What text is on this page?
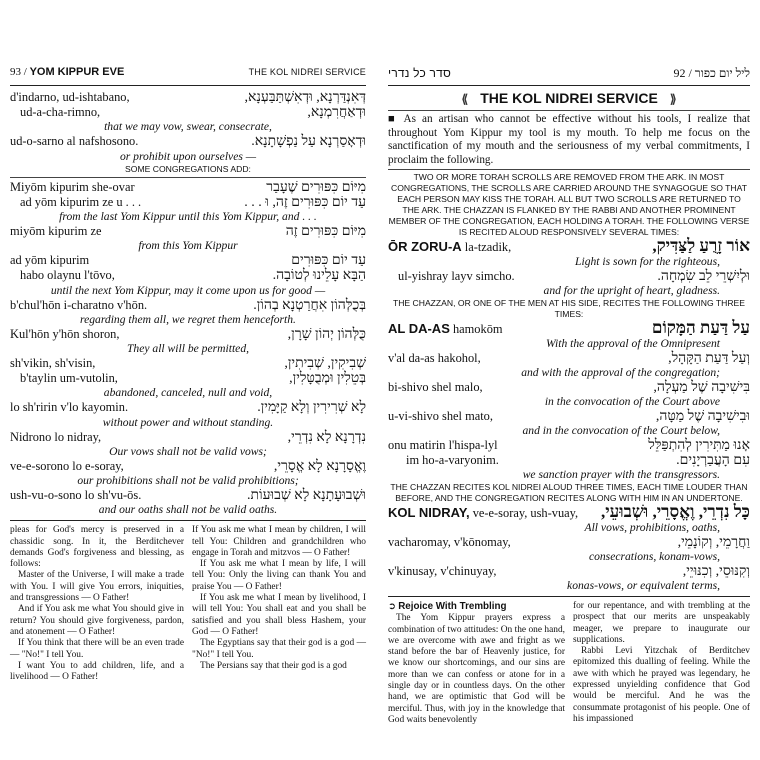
93 / YOM KIPPUR EVE	THE KOL NIDREI SERVICE
d'indarno, ud-ishtabano,	דְּאִנְדַּרְנָא, וּדְאִשְׁתַּבַּעְנָא,
ud-a-cha-rimno,	וּדְאַחֲרִמְנָא,
that we may vow, swear, consecrate,
ud-o-sarno al nafshosono.	וּדְאָסַרְנָא עַל נַפְשָׁתָנָא.
or prohibit upon ourselves —
SOME CONGREGATIONS ADD:
Miyōm kipurim she-ovar	מִיּוֹם כִּפּוּרִים שֶׁעָבַר
ad yōm kipurim ze u . . .	עַד יוֹם כִּפּוּרִים זֶה, וּ . . .
from the last Yom Kippur until this Yom Kippur, and . . .
miyōm kipurim ze	מִיּוֹם כִּפּוּרִים זֶה
from this Yom Kippur
ad yōm kipurim	עַד יוֹם כִּפּוּרִים
habo olaynu l'tōvo,	הַבָּא עָלֵינוּ לְטוֹבָה.
until the next Yom Kippur, may it come upon us for good —
b'chul'hōn i-charatno v'hōn.	בְּכֻלְּהוֹן אִחֲרַטְנָא בְהוֹן.
regarding them all, we regret them henceforth.
Kul'hōn y'hōn shoron,	כֻּלְּהוֹן יְהוֹן שָׁרָן,
They all will be permitted,
sh'vikin, sh'visin,	שְׁבִיקִין, שְׁבִיתִין,
b'taylin um-vutolin,	בְּטֵלִין וּמְבֻטָּלִין,
abandoned, canceled, null and void,
lo sh'ririn v'lo kayomin.	לָא שְׁרִירִין וְלָא קַיָּמִין.
without power and without standing.
Nidrono lo nidray,	נִדְרָנָא לָא נִדְרֵי,
Our vows shall not be valid vows;
ve-e-sorono lo e-soray,	וֶאֱסָרָנָא לָא אֱסָרֵי,
our prohibitions shall not be valid prohibitions;
ush-vu-o-sono lo sh'vu-ōs.	וּשְׁבוּעָתָנָא לָא שְׁבוּעוֹת.
and our oaths shall not be valid oaths.

pleas for God's mercy is preserved in a chassidic song. In it, the Berditchever demands God's forgiveness and blessing, as follows:

Master of the Universe, I will make a trade with You. I will give You errors, iniquities, and transgressions — O Father!

And if You ask me what You should give in return? You should give forgiveness, pardon, and atonement — O Father!

If You think that there will be an even trade — "No!" I tell You.

I want You to add children, life, and a livelihood — O Father!

If You ask me what I mean by children, I will tell You: Children and grandchildren who engage in Torah and mitzvos — O Father!

If You ask me what I mean by life, I will tell You: Only the living can thank You and praise You — O Father!

If You ask me what I mean by livelihood, I will tell You: You shall eat and you shall be satisfied and you shall bless Hashem, your God — O Father!

The Egyptians say that their god is a god — "No!" I tell You.

The Persians say that their god is a god

סדר כל נדרי	ליל יום כפור / 92
⟪ THE KOL NIDREI SERVICE ⟫

■ As an artisan who cannot be effective without his tools, I realize that throughout Yom Kippur my tool is my mouth. To help me focus on the sanctification of my mouth and the seriousness of my verbal commitments, I proclaim the following.

TWO OR MORE TORAH SCROLLS ARE REMOVED FROM THE ARK. IN MOST CONGREGATIONS, THE SCROLLS ARE CARRIED AROUND THE SYNAGOGUE SO THAT EACH PERSON MAY KISS THE TORAH. ALL BUT TWO SCROLLS ARE RETURNED TO THE ARK. THE CHAZZAN IS FLANKED BY THE RABBI AND ANOTHER PROMINENT MEMBER OF THE CONGREGATION, EACH HOLDING A TORAH. THE FOLLOWING VERSE IS RECITED ALOUD RESPONSIVELY SEVERAL TIMES:

ŌR ZORU-A la-tzadik,	אוֹר זָרֻעַ לַצַּדִּיק,
Light is sown for the righteous,
ul-yishray layv simcho.	וּלְיִשְׁרֵי לֵב שִׂמְחָה.
and for the upright of heart, gladness.

THE CHAZZAN, OR ONE OF THE MEN AT HIS SIDE, RECITES THE FOLLOWING THREE TIMES:

AL DA-AS hamokōm	עַל דַּעַת הַמָּקוֹם
With the approval of the Omnipresent
v'al da-as hakohol,	וְעַל דַּעַת הַקָּהָל,
and with the approval of the congregation;
bi-shivo shel malo,	בִּישִׁיבָה שֶׁל מַעְלָה,
in the convocation of the Court above
u-vi-shivo shel mato,	וּבִישִׁיבָה שֶׁל מַטָּה,
and in the convocation of the Court below,
onu matirin l'hispa-lyl	אָנוּ מַתִּירִין לְהִתְפַּלֵּל
im ho-a-varyonim.	עִם הָעֲבַרְיָנִים.
we sanction prayer with the transgressors.

THE CHAZZAN RECITES KOL NIDREI ALOUD THREE TIMES, EACH TIME LOUDER THAN BEFORE, AND THE CONGREGATION RECITES ALONG WITH HIM IN AN UNDERTONE.

KOL NIDRAY, ve-e-soray, ush-vuay, כָּל נִדְרֵי, וֶאֱסָרֵי, וּשְׁבוּעֵי,
All vows, prohibitions, oaths,
vacharomay, v'kōnomay,	וַחֲרָמֵי, וְקוֹנָמֵי,
consecrations, konam-vows,
v'kinusay, v'chinuyay,	וְקִנּוּסֵי, וְכִנּוּיֵי,
konas-vows, or equivalent terms,

➲ Rejoice With Trembling

The Yom Kippur prayers express a combination of two attitudes: On the one hand, we are overcome with awe and fright as we stand before the bar of Heavenly justice, for we know our shortcomings, and our sins are more than we can confess or atone for in a single day or in countless days. On the other hand, we are optimistic that God will be merciful. Thus, with joy in the knowledge that God waits benevolently

for our repentance, and with trembling at the prospect that our merits are unspeakably meager, we prepare to inaugurate our supplications.

Rabbi Levi Yitzchak of Berditchev epitomized this dualling of feeling. While the awe with which he prayed was legendary, he expressed unyielding confidence that God would be merciful. And he was the consummate protagonist of his people. One of his impassioned
